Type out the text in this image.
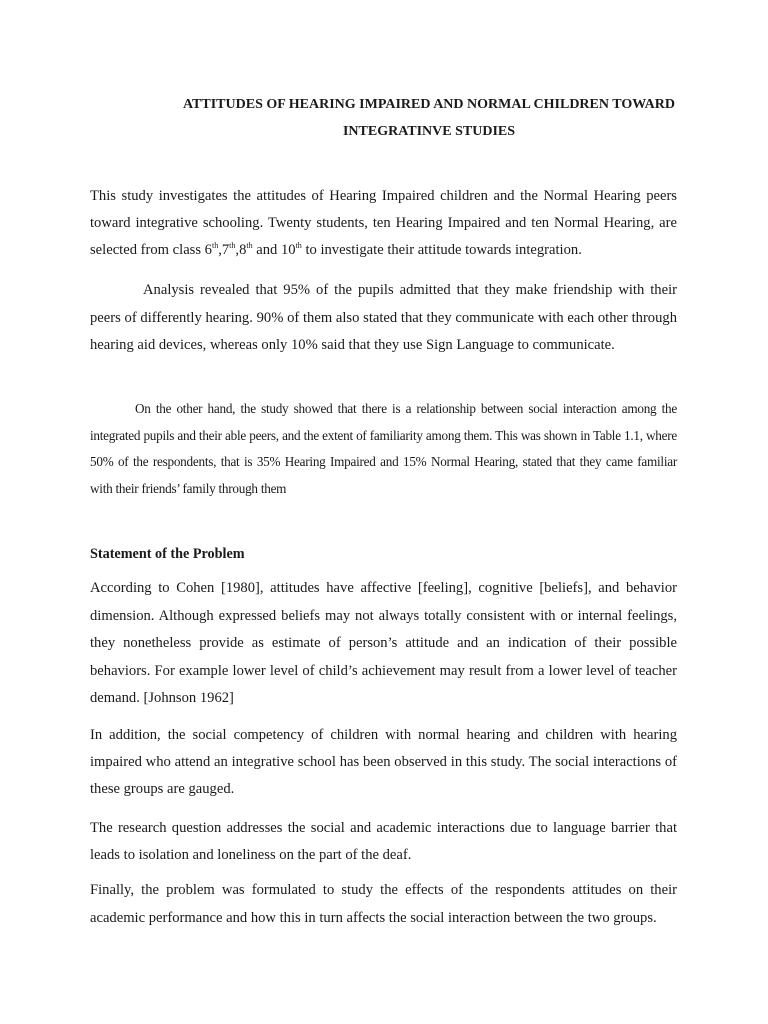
ATTITUDES OF HEARING IMPAIRED AND NORMAL CHILDREN TOWARD
INTEGRATINVE STUDIES

This study investigates the attitudes of Hearing Impaired children and the Normal Hearing peers toward integrative schooling. Twenty students, ten Hearing Impaired and ten Normal Hearing, are selected from class 6th,7th,8th and 10th to investigate their attitude towards integration.

Analysis revealed that 95% of the pupils admitted that they make friendship with their peers of differently hearing. 90% of them also stated that they communicate with each other through hearing aid devices, whereas only 10% said that they use Sign Language to communicate.

On the other hand, the study showed that there is a relationship between social interaction among the integrated pupils and their able peers, and the extent of familiarity among them. This was shown in Table 1.1, where 50% of the respondents, that is 35% Hearing Impaired and 15% Normal Hearing, stated that they came familiar with their friends’ family through them

Statement of the Problem

According to Cohen [1980], attitudes have affective [feeling], cognitive [beliefs], and behavior dimension. Although expressed beliefs may not always totally consistent with or internal feelings, they nonetheless provide as estimate of person’s attitude and an indication of their possible behaviors. For example lower level of child’s achievement may result from a lower level of teacher demand. [Johnson 1962]

In addition, the social competency of children with normal hearing and children with hearing impaired who attend an integrative school has been observed in this study. The social interactions of these groups are gauged.

The research question addresses the social and academic interactions due to language barrier that leads to isolation and loneliness on the part of the deaf.

Finally, the problem was formulated to study the effects of the respondents attitudes on their academic performance and how this in turn affects the social interaction between the two groups.
